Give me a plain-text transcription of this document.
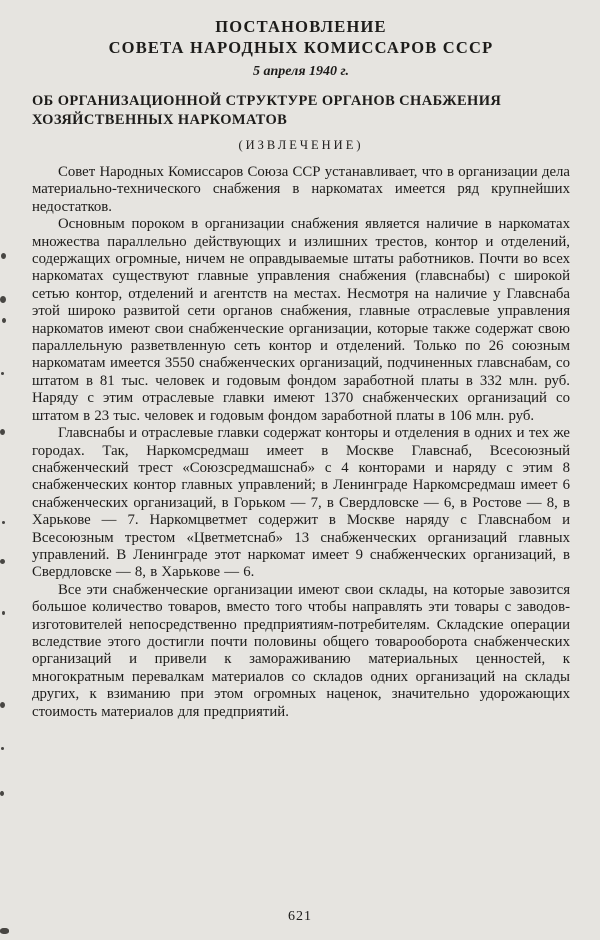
ПОСТАНОВЛЕНИЕ
СОВЕТА НАРОДНЫХ КОМИССАРОВ СССР
5 апреля 1940 г.
ОБ ОРГАНИЗАЦИОННОЙ СТРУКТУРЕ ОРГАНОВ СНАБЖЕНИЯ ХОЗЯЙСТВЕННЫХ НАРКОМАТОВ
(ИЗВЛЕЧЕНИЕ)

Совет Народных Комиссаров Союза ССР устанавливает, что в организации дела материально-технического снабжения в наркоматах имеется ряд крупнейших недостатков.

Основным пороком в организации снабжения является наличие в наркоматах множества параллельно действующих и излишних трестов, контор и отделений, содержащих огромные, ничем не оправдываемые штаты работников. Почти во всех наркоматах существуют главные управления снабжения (главснабы) с широкой сетью контор, отделений и агентств на местах. Несмотря на наличие у Главснаба этой широко развитой сети органов снабжения, главные отраслевые управления наркоматов имеют свои снабженческие организации, которые также содержат свою параллельную разветвленную сеть контор и отделений. Только по 26 союзным наркоматам имеется 3550 снабженческих организаций, подчиненных главснабам, со штатом в 81 тыс. человек и годовым фондом заработной платы в 332 млн. руб. Наряду с этим отраслевые главки имеют 1370 снабженческих организаций со штатом в 23 тыс. человек и годовым фондом заработной платы в 106 млн. руб.

Главснабы и отраслевые главки содержат конторы и отделения в одних и тех же городах. Так, Наркомсредмаш имеет в Москве Главснаб, Всесоюзный снабженческий трест «Союзсредмашснаб» с 4 конторами и наряду с этим 8 снабженческих контор главных управлений; в Ленинграде Наркомсредмаш имеет 6 снабженческих организаций, в Горьком — 7, в Свердловске — 6, в Ростове — 8, в Харькове — 7. Наркомцветмет содержит в Москве наряду с Главснабом и Всесоюзным трестом «Цветметснаб» 13 снабженческих организаций главных управлений. В Ленинграде этот наркомат имеет 9 снабженческих организаций, в Свердловске — 8, в Харькове — 6.

Все эти снабженческие организации имеют свои склады, на которые завозится большое количество товаров, вместо того чтобы направлять эти товары с заводов-изготовителей непосредственно предприятиям-потребителям. Складские операции вследствие этого достигли почти половины общего товарооборота снабженческих организаций и привели к замораживанию материальных ценностей, к многократным перевалкам материалов со складов одних организаций на склады других, к взиманию при этом огромных наценок, значительно удорожающих стоимость материалов для предприятий.

621
